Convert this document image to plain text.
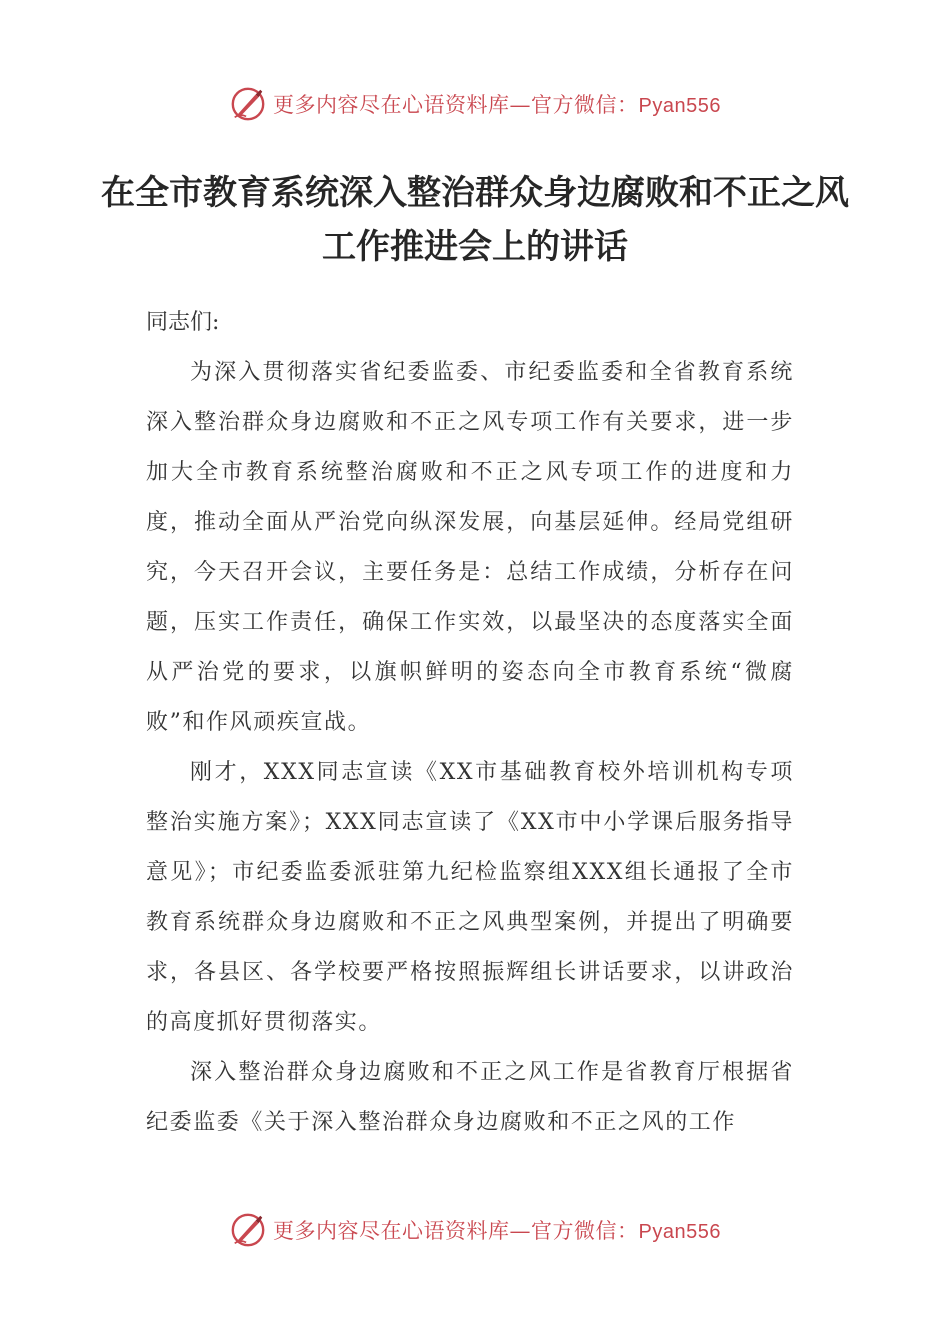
更多内容尽在心语资料库—官方微信：Pyan556
在全市教育系统深入整治群众身边腐败和不正之风工作推进会上的讲话

同志们:

为深入贯彻落实省纪委监委、市纪委监委和全省教育系统深入整治群众身边腐败和不正之风专项工作有关要求，进一步加大全市教育系统整治腐败和不正之风专项工作的进度和力度，推动全面从严治党向纵深发展，向基层延伸。经局党组研究，今天召开会议，主要任务是：总结工作成绩，分析存在问题，压实工作责任，确保工作实效，以最坚决的态度落实全面从严治党的要求，以旗帜鲜明的姿态向全市教育系统“微腐败”和作风顽疾宣战。

刚才，XXX同志宣读《XX市基础教育校外培训机构专项整治实施方案》；XXX同志宣读了《XX市中小学课后服务指导意见》；市纪委监委派驻第九纪检监察组XXX组长通报了全市教育系统群众身边腐败和不正之风典型案例，并提出了明确要求，各县区、各学校要严格按照振辉组长讲话要求，以讲政治的高度抓好贯彻落实。

深入整治群众身边腐败和不正之风工作是省教育厅根据省纪委监委《关于深入整治群众身边腐败和不正之风的工作

更多内容尽在心语资料库—官方微信：Pyan556
